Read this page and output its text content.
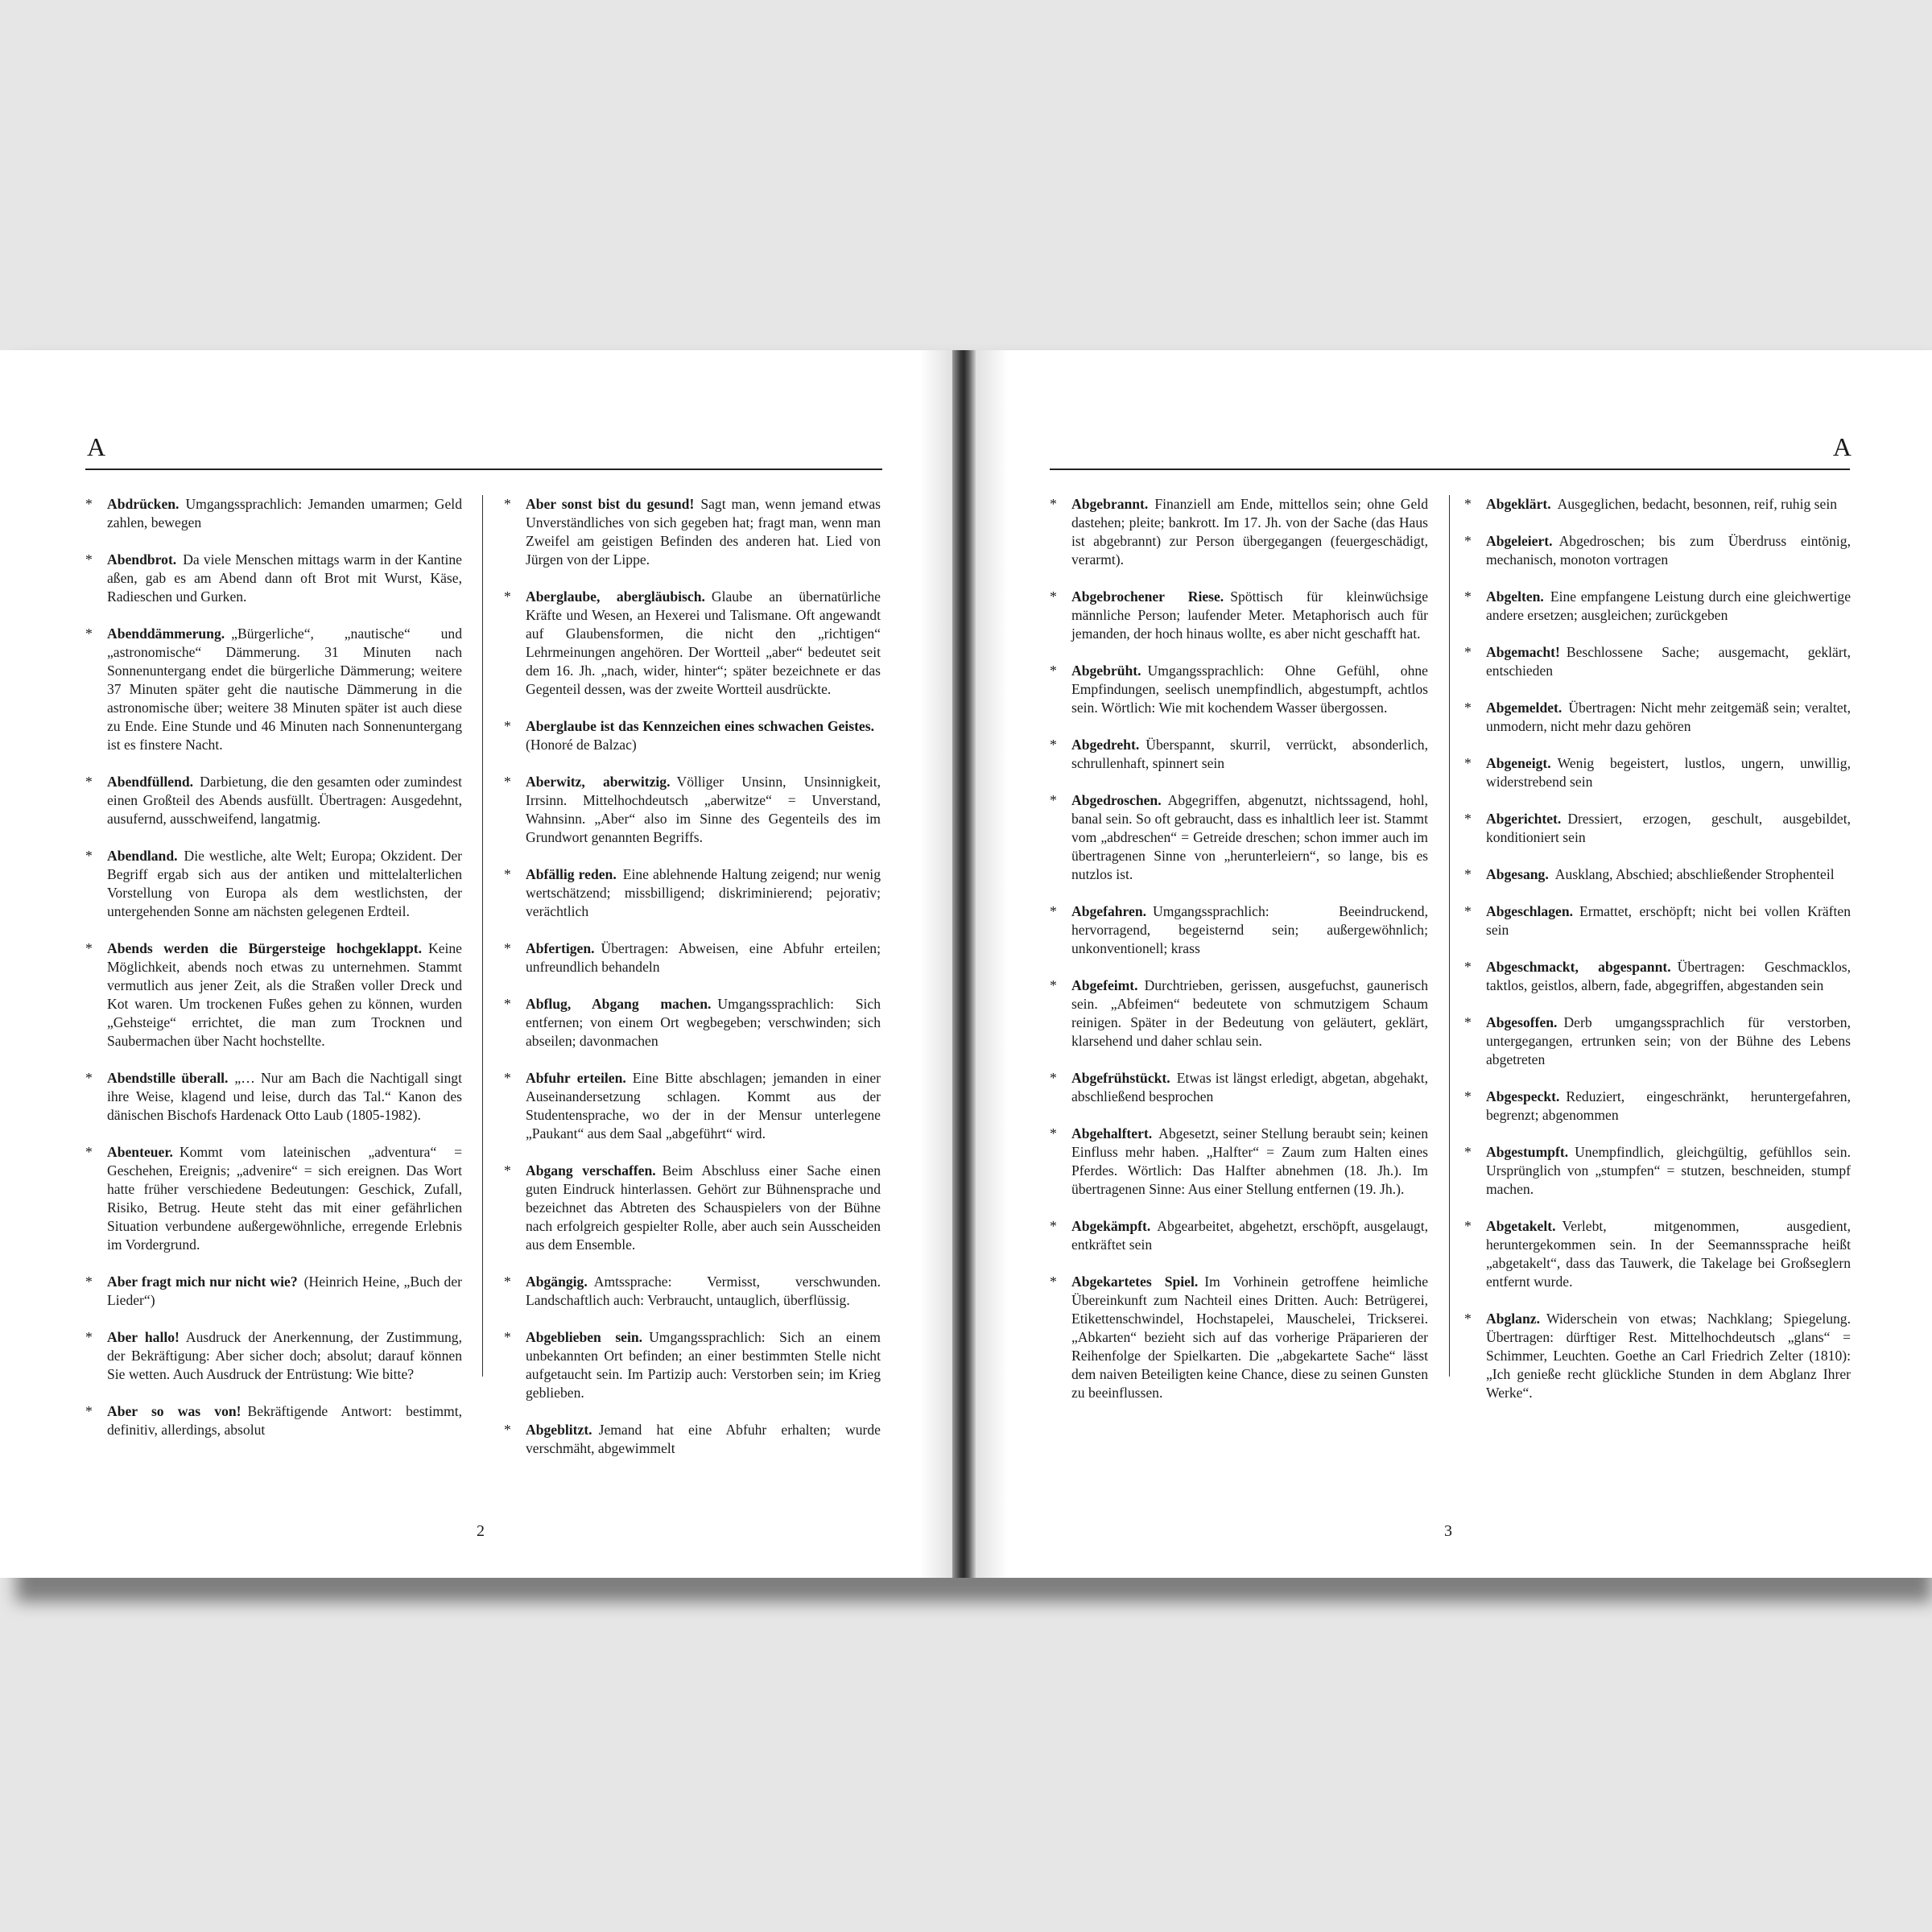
A

* Abdrücken. Umgangssprachlich: Jemanden umarmen; Geld zahlen, bewegen

* Abendbrot. Da viele Menschen mittags warm in der Kantine aßen, gab es am Abend dann oft Brot mit Wurst, Käse, Radieschen und Gurken.

* Abenddämmerung. „Bürgerliche“, „nautische“ und „astronomische“ Dämmerung. 31 Minuten nach Sonnenuntergang endet die bürgerliche Dämmerung; weitere 37 Minuten später geht die nautische Dämmerung in die astronomische über; weitere 38 Minuten später ist auch diese zu Ende. Eine Stunde und 46 Minuten nach Sonnenuntergang ist es finstere Nacht.

* Abendfüllend. Darbietung, die den gesamten oder zumindest einen Großteil des Abends ausfüllt. Übertragen: Ausgedehnt, ausufernd, ausschweifend, langatmig.

* Abendland. Die westliche, alte Welt; Europa; Okzident. Der Begriff ergab sich aus der antiken und mittelalterlichen Vorstellung von Europa als dem westlichsten, der untergehenden Sonne am nächsten gelegenen Erdteil.

* Abends werden die Bürgersteige hochgeklappt. Keine Möglichkeit, abends noch etwas zu unternehmen. Stammt vermutlich aus jener Zeit, als die Straßen voller Dreck und Kot waren. Um trockenen Fußes gehen zu können, wurden „Gehsteige“ errichtet, die man zum Trocknen und Saubermachen über Nacht hochstellte.

* Abendstille überall. „… Nur am Bach die Nachtigall singt ihre Weise, klagend und leise, durch das Tal.“ Kanon des dänischen Bischofs Hardenack Otto Laub (1805-1982).

* Abenteuer. Kommt vom lateinischen „adventura“ = Geschehen, Ereignis; „advenire“ = sich ereignen. Das Wort hatte früher verschiedene Bedeutungen: Geschick, Zufall, Risiko, Betrug. Heute steht das mit einer gefährlichen Situation verbundene außergewöhnliche, erregende Erlebnis im Vordergrund.

* Aber fragt mich nur nicht wie? (Heinrich Heine, „Buch der Lieder“)

* Aber hallo! Ausdruck der Anerkennung, der Zustimmung, der Bekräftigung: Aber sicher doch; absolut; darauf können Sie wetten. Auch Ausdruck der Entrüstung: Wie bitte?

* Aber so was von! Bekräftigende Antwort: bestimmt, definitiv, allerdings, absolut

* Aber sonst bist du gesund! Sagt man, wenn jemand etwas Unverständliches von sich gegeben hat; fragt man, wenn man Zweifel am geistigen Befinden des anderen hat. Lied von Jürgen von der Lippe.

* Aberglaube, abergläubisch. Glaube an übernatürliche Kräfte und Wesen, an Hexerei und Talismane. Oft angewandt auf Glaubensformen, die nicht den „richtigen“ Lehrmeinungen angehören. Der Wortteil „aber“ bedeutet seit dem 16. Jh. „nach, wider, hinter“; später bezeichnete er das Gegenteil dessen, was der zweite Wortteil ausdrückte.

* Aberglaube ist das Kennzeichen eines schwachen Geistes.(Honoré de Balzac)

* Aberwitz, aberwitzig. Völliger Unsinn, Unsinnigkeit, Irrsinn. Mittelhochdeutsch „aberwitze“ = Unverstand, Wahnsinn. „Aber“ also im Sinne des Gegenteils des im Grundwort genannten Begriffs.

* Abfällig reden. Eine ablehnende Haltung zeigend; nur wenig wertschätzend; missbilligend; diskriminierend; pejorativ; verächtlich

* Abfertigen. Übertragen: Abweisen, eine Abfuhr erteilen; unfreundlich behandeln

* Abflug, Abgang machen. Umgangssprachlich: Sich entfernen; von einem Ort wegbegeben; verschwinden; sich abseilen; davonmachen

* Abfuhr erteilen. Eine Bitte abschlagen; jemanden in einer Auseinandersetzung schlagen. Kommt aus der Studentensprache, wo der in der Mensur unterlegene „Paukant“ aus dem Saal „abgeführt“ wird.

* Abgang verschaffen. Beim Abschluss einer Sache einen guten Eindruck hinterlassen. Gehört zur Bühnensprache und bezeichnet das Abtreten des Schauspielers von der Bühne nach erfolgreich gespielter Rolle, aber auch sein Ausscheiden aus dem Ensemble.

* Abgängig. Amtssprache: Vermisst, verschwunden. Landschaftlich auch: Verbraucht, untauglich, überflüssig.

* Abgeblieben sein. Umgangssprachlich: Sich an einem unbekannten Ort befinden; an einer bestimmten Stelle nicht aufgetaucht sein. Im Partizip auch: Verstorben sein; im Krieg geblieben.

* Abgeblitzt. Jemand hat eine Abfuhr erhalten; wurde verschmäht, abgewimmelt

2
A

* Abgebrannt. Finanziell am Ende, mittellos sein; ohne Geld dastehen; pleite; bankrott. Im 17. Jh. von der Sache (das Haus ist abgebrannt) zur Person übergegangen (feuergeschädigt, verarmt).

* Abgebrochener Riese. Spöttisch für kleinwüchsige männliche Person; laufender Meter. Metaphorisch auch für jemanden, der hoch hinaus wollte, es aber nicht geschafft hat.

* Abgebrüht. Umgangssprachlich: Ohne Gefühl, ohne Empfindungen, seelisch unempfindlich, abgestumpft, achtlos sein. Wörtlich: Wie mit kochendem Wasser übergossen.

* Abgedreht. Überspannt, skurril, verrückt, absonderlich, schrullenhaft, spinnert sein

* Abgedroschen. Abgegriffen, abgenutzt, nichtssagend, hohl, banal sein. So oft gebraucht, dass es inhaltlich leer ist. Stammt vom „abdreschen“ = Getreide dreschen; schon immer auch im übertragenen Sinne von „herunterleiern“, so lange, bis es nutzlos ist.

* Abgefahren. Umgangssprachlich: Beeindruckend, hervorragend, begeisternd sein; außergewöhnlich; unkonventionell; krass

* Abgefeimt. Durchtrieben, gerissen, ausgefuchst, gaunerisch sein. „Abfeimen“ bedeutete von schmutzigem Schaum reinigen. Später in der Bedeutung von geläutert, geklärt, klarsehend und daher schlau sein.

* Abgefrühstückt. Etwas ist längst erledigt, abgetan, abgehakt, abschließend besprochen

* Abgehalftert. Abgesetzt, seiner Stellung beraubt sein; keinen Einfluss mehr haben. „Halfter“ = Zaum zum Halten eines Pferdes. Wörtlich: Das Halfter abnehmen (18. Jh.). Im übertragenen Sinne: Aus einer Stellung entfernen (19. Jh.).

* Abgekämpft. Abgearbeitet, abgehetzt, erschöpft, ausgelaugt, entkräftet sein

* Abgekartetes Spiel. Im Vorhinein getroffene heimliche Übereinkunft zum Nachteil eines Dritten. Auch: Betrügerei, Etikettenschwindel, Hochstapelei, Mauschelei, Trickserei. „Abkarten“ bezieht sich auf das vorherige Präparieren der Reihenfolge der Spielkarten. Die „abgekartete Sache“ lässt dem naiven Beteiligten keine Chance, diese zu seinen Gunsten zu beeinflussen.

* Abgeklärt. Ausgeglichen, bedacht, besonnen, reif, ruhig sein

* Abgeleiert. Abgedroschen; bis zum Überdruss eintönig, mechanisch, monoton vortragen

* Abgelten. Eine empfangene Leistung durch eine gleichwertige andere ersetzen; ausgleichen; zurückgeben

* Abgemacht! Beschlossene Sache; ausgemacht, geklärt, entschieden

* Abgemeldet. Übertragen: Nicht mehr zeitgemäß sein; veraltet, unmodern, nicht mehr dazu gehören

* Abgeneigt. Wenig begeistert, lustlos, ungern, unwillig, widerstrebend sein

* Abgerichtet. Dressiert, erzogen, geschult, ausgebildet, konditioniert sein

* Abgesang. Ausklang, Abschied; abschließender Strophenteil

* Abgeschlagen. Ermattet, erschöpft; nicht bei vollen Kräften sein

* Abgeschmackt, abgespannt. Übertragen: Geschmacklos, taktlos, geistlos, albern, fade, abgegriffen, abgestanden sein

* Abgesoffen. Derb umgangssprachlich für verstorben, untergegangen, ertrunken sein; von der Bühne des Lebens abgetreten

* Abgespeckt. Reduziert, eingeschränkt, heruntergefahren, begrenzt; abgenommen

* Abgestumpft. Unempfindlich, gleichgültig, gefühllos sein. Ursprünglich von „stumpfen“ = stutzen, beschneiden, stumpf machen.

* Abgetakelt. Verlebt, mitgenommen, ausgedient, heruntergekommen sein. In der Seemannssprache heißt „abgetakelt“, dass das Tauwerk, die Takelage bei Großseglern entfernt wurde.

* Abglanz. Widerschein von etwas; Nachklang; Spiegelung. Übertragen: dürftiger Rest. Mittelhochdeutsch „glans“ = Schimmer, Leuchten. Goethe an Carl Friedrich Zelter (1810): „Ich genieße recht glückliche Stunden in dem Abglanz Ihrer Werke“.

3
